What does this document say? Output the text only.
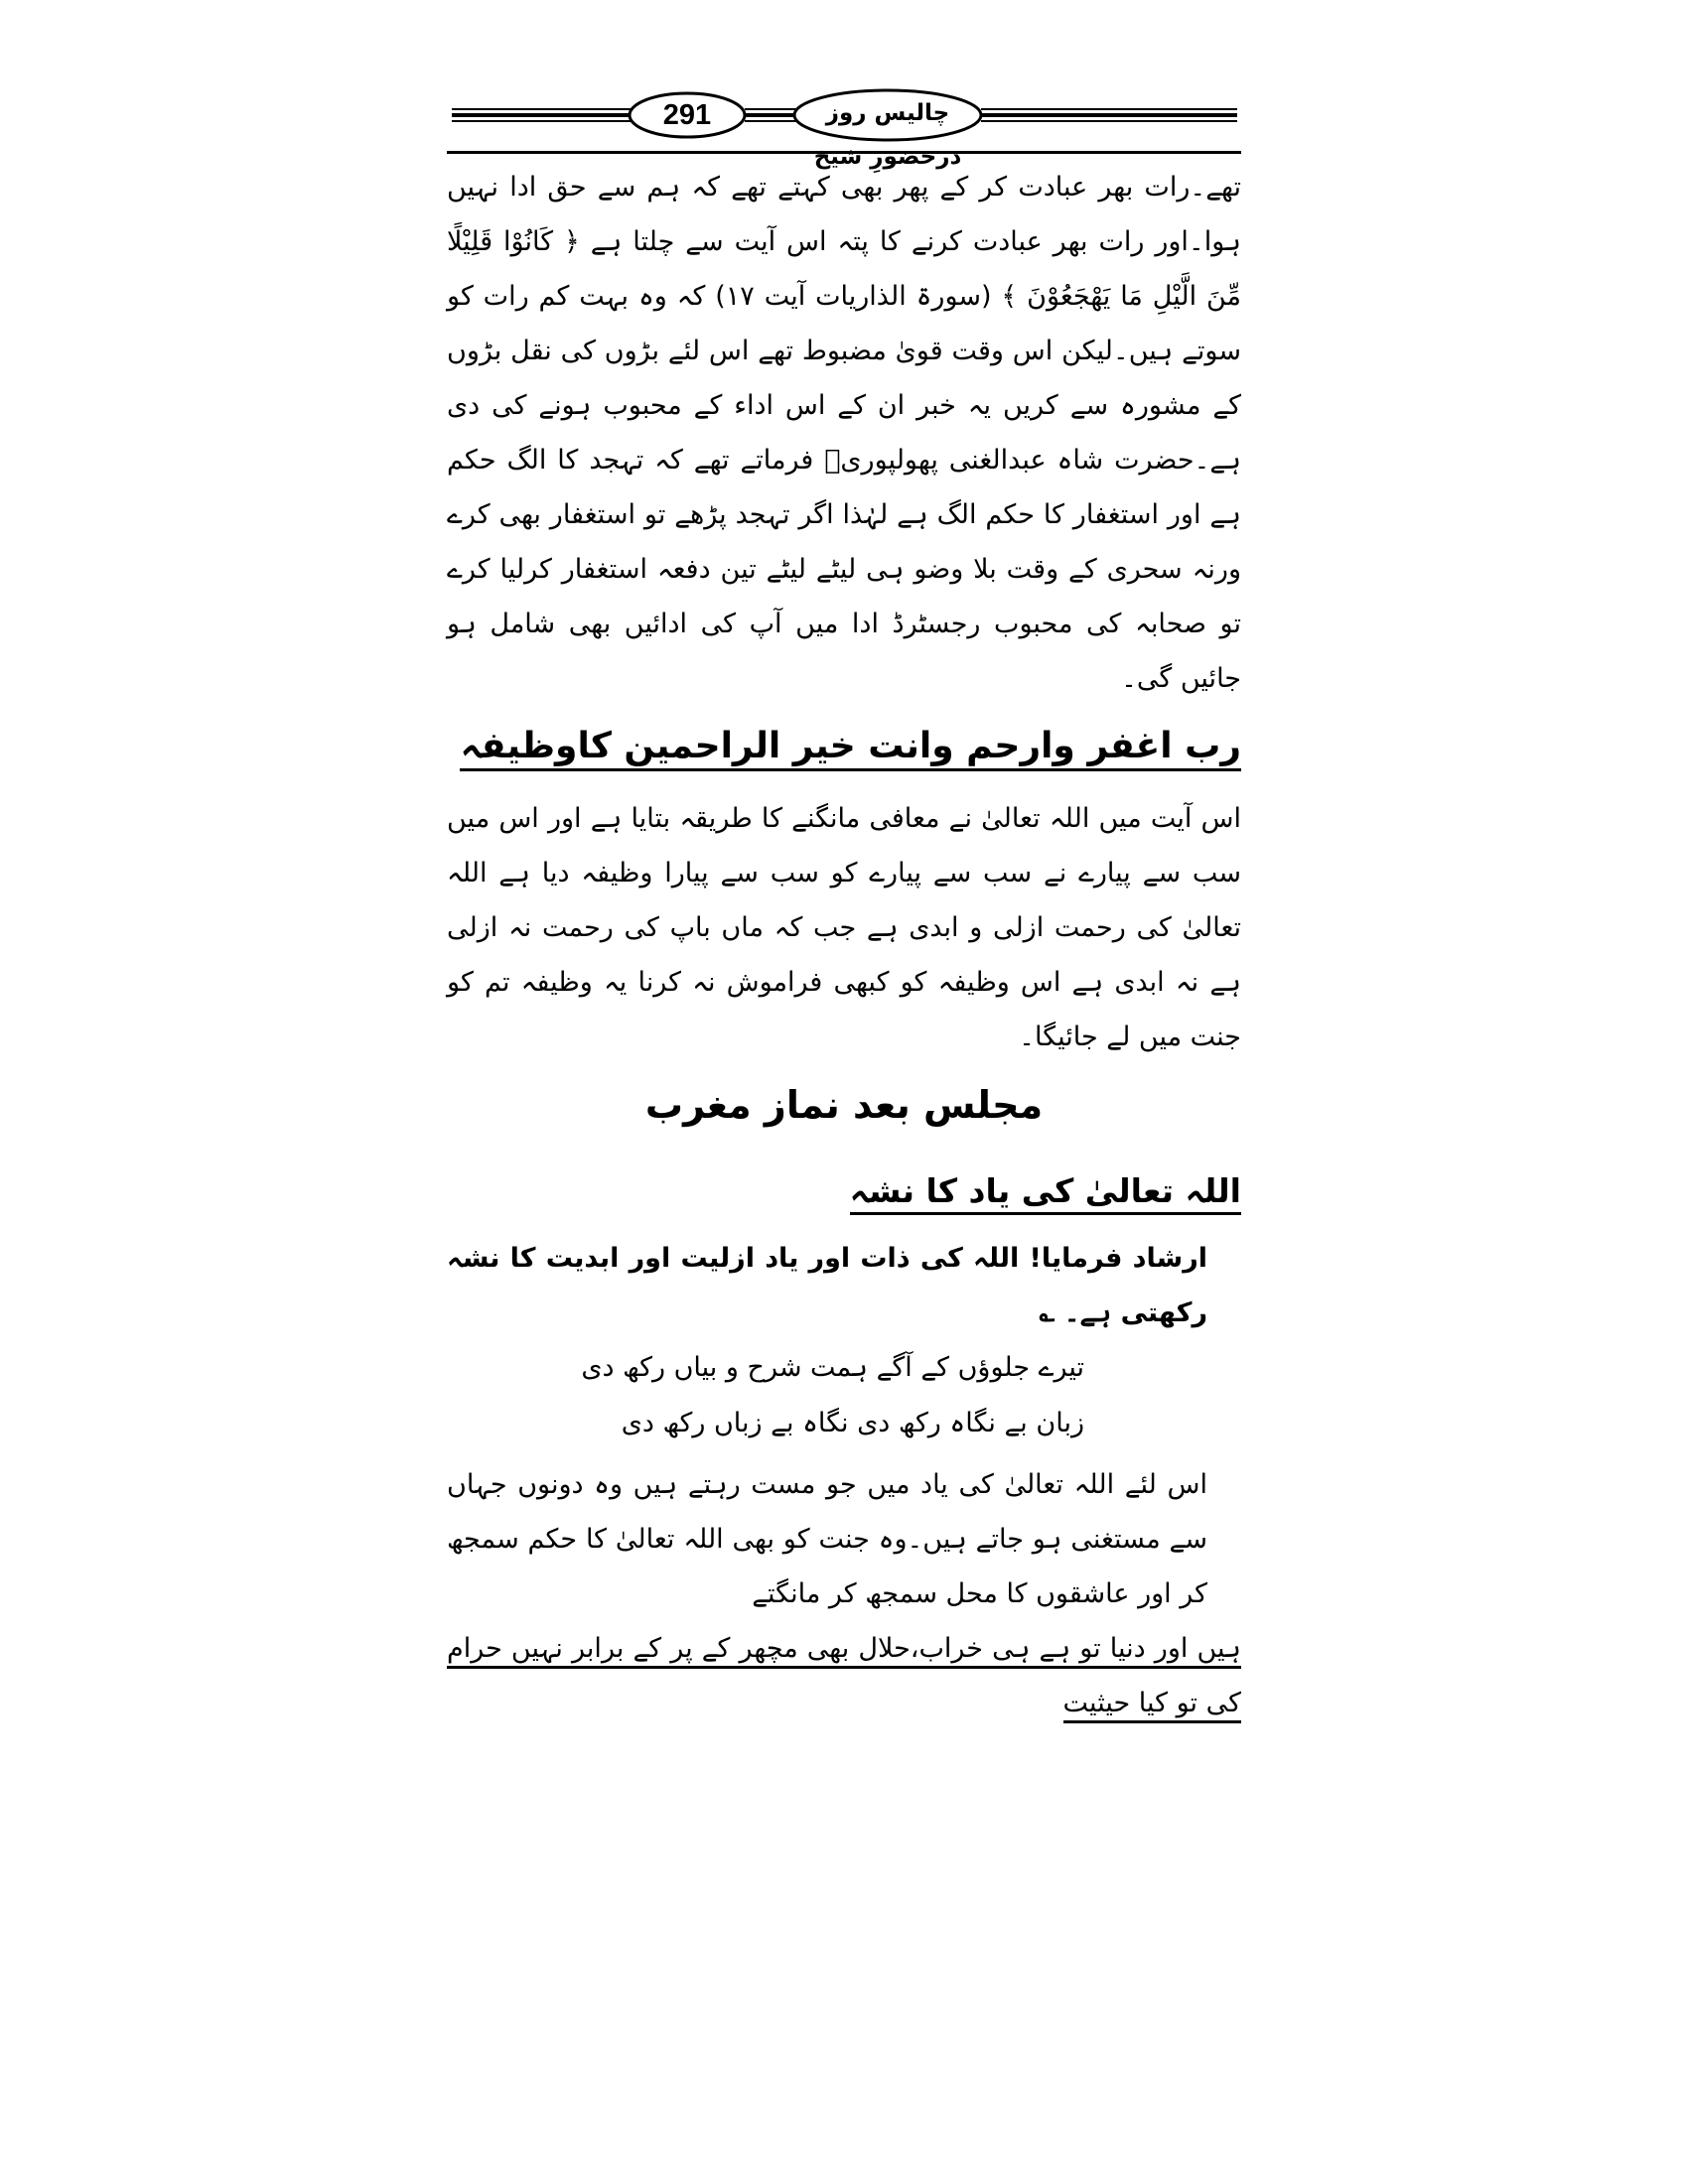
291	چالیس روز درحضورِ شیخ

تھے۔رات بھر عبادت کر کے پھر بھی کہتے تھے کہ ہم سے حق ادا نہیں ہوا۔اور رات بھر عبادت کرنے کا پتہ اس آیت سے چلتا ہے ﴿ کَانُوْا قَلِيْلًا مِّنَ الَّيْلِ مَا يَهْجَعُوْنَ ﴾ (سورۃ الذاریات آیت ۱۷) کہ وہ بہت کم رات کو سوتے ہیں۔لیکن اس وقت قویٰ مضبوط تھے اس لئے بڑوں کی نقل بڑوں کے مشورہ سے کریں یہ خبر ان کے اس اداء کے محبوب ہونے کی دی ہے۔حضرت شاہ عبدالغنی پھولپوریؒ فرماتے تھے کہ تہجد کا الگ حکم ہے اور استغفار کا حکم الگ ہے لہٰذا اگر تہجد پڑھے تو استغفار بھی کرے ورنہ سحری کے وقت بلا وضو ہی لیٹے لیٹے تین دفعہ استغفار کرلیا کرے تو صحابہ کی محبوب رجسٹرڈ ادا میں آپ کی ادائیں بھی شامل ہو جائیں گی۔

رب اغفر وارحم وانت خیر الراحمین کاوظیفہ

اس آیت میں اللہ تعالیٰ نے معافی مانگنے کا طریقہ بتایا ہے اور اس میں سب سے پیارے نے سب سے پیارے کو سب سے پیارا وظیفہ دیا ہے اللہ تعالیٰ کی رحمت ازلی و ابدی ہے جب کہ ماں باپ کی رحمت نہ ازلی ہے نہ ابدی ہے اس وظیفہ کو کبھی فراموش نہ کرنا یہ وظیفہ تم کو جنت میں لے جائیگا۔

مجلس بعد نماز مغرب
اللہ تعالیٰ کی یاد کا نشہ

ارشاد فرمایا! اللہ کی ذات اور یاد ازلیت اور ابدیت کا نشہ رکھتی ہے۔ ؎

تیرے جلوؤں کے آگے ہمت شرح و بیاں رکھ دی

زبان بے نگاہ رکھ دی نگاہ بے زباں رکھ دی

اس لئے اللہ تعالیٰ کی یاد میں جو مست رہتے ہیں وہ دونوں جہاں سے مستغنی ہو جاتے ہیں۔وہ جنت کو بھی اللہ تعالیٰ کا حکم سمجھ کر اور عاشقوں کا محل سمجھ کر مانگتے

ہیں اور دنیا تو ہے ہی خراب،حلال بھی مچھر کے پر کے برابر نہیں حرام کی تو کیا حیثیت
